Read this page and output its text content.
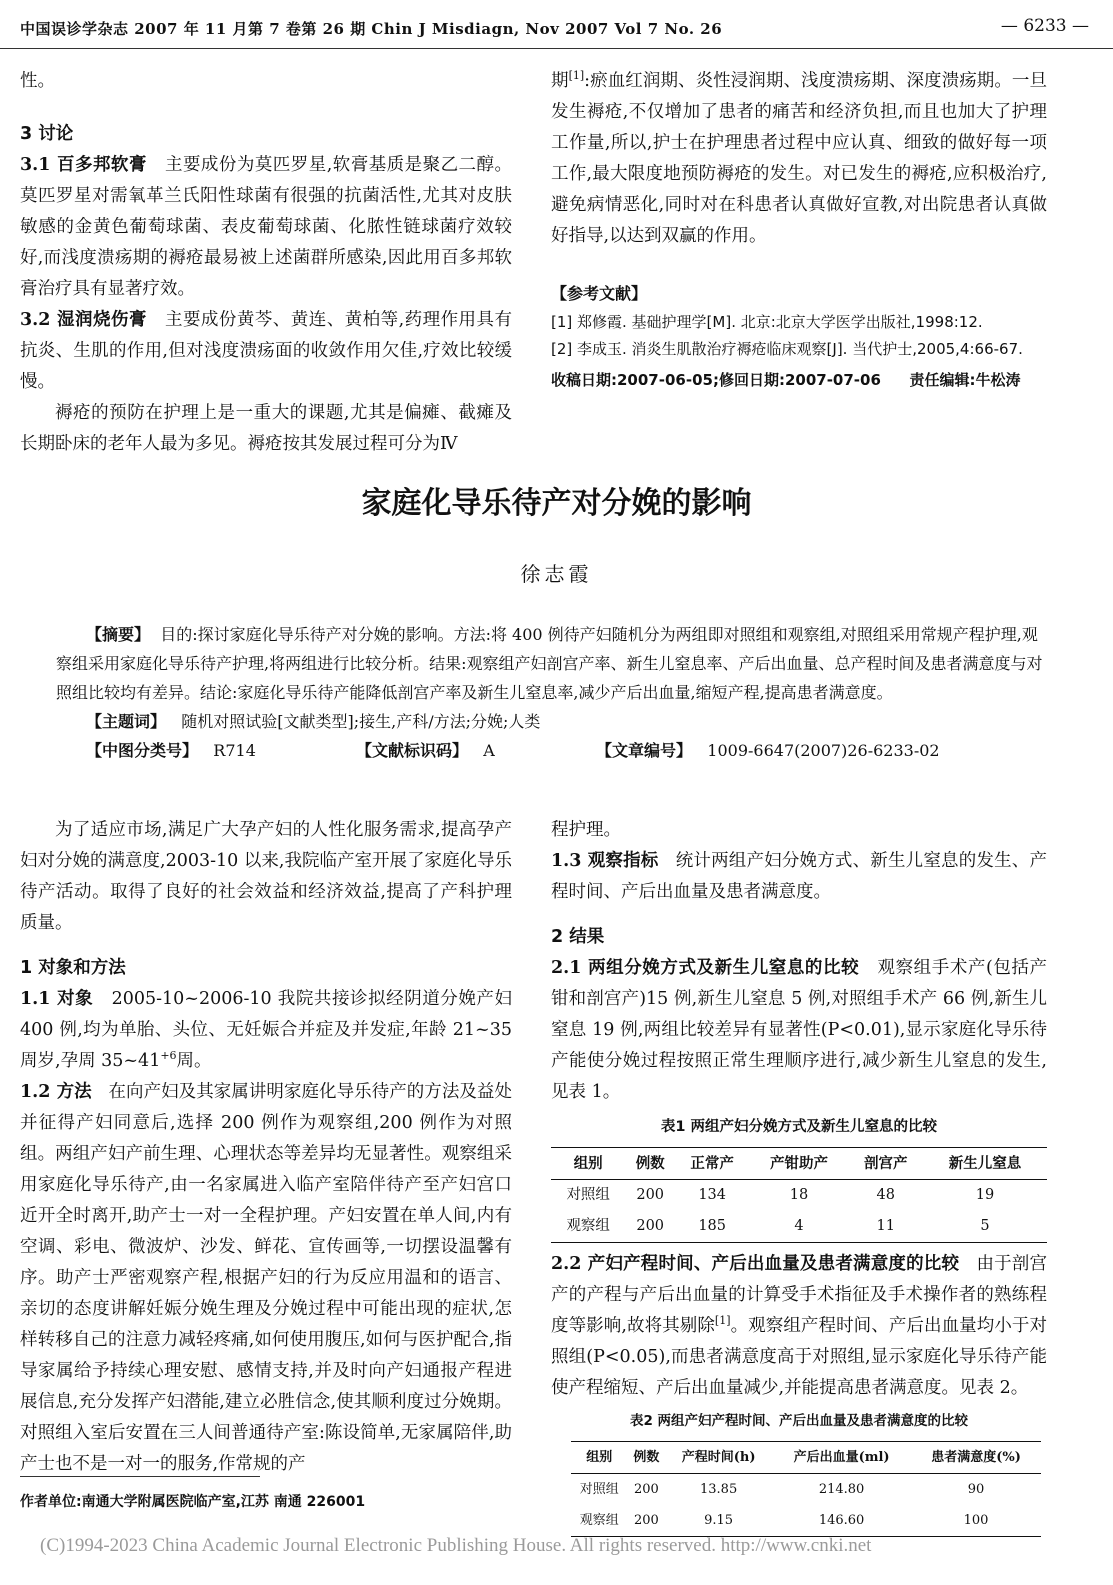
中国误诊学杂志 2007 年 11 月第 7 卷第 26 期 Chin J Misdiagn, Nov 2007 Vol 7 No. 26	— 6233 —

性。

3 讨论

3.1 百多邦软膏 主要成份为莫匹罗星,软膏基质是聚乙二醇。莫匹罗星对需氧革兰氏阳性球菌有很强的抗菌活性,尤其对皮肤敏感的金黄色葡萄球菌、表皮葡萄球菌、化脓性链球菌疗效较好,而浅度溃疡期的褥疮最易被上述菌群所感染,因此用百多邦软膏治疗具有显著疗效。

3.2 湿润烧伤膏 主要成份黄芩、黄连、黄柏等,药理作用具有抗炎、生肌的作用,但对浅度溃疡面的收敛作用欠佳,疗效比较缓慢。

褥疮的预防在护理上是一重大的课题,尤其是偏瘫、截瘫及长期卧床的老年人最为多见。褥疮按其发展过程可分为Ⅳ

期[1]:瘀血红润期、炎性浸润期、浅度溃疡期、深度溃疡期。一旦发生褥疮,不仅增加了患者的痛苦和经济负担,而且也加大了护理工作量,所以,护士在护理患者过程中应认真、细致的做好每一项工作,最大限度地预防褥疮的发生。对已发生的褥疮,应积极治疗,避免病情恶化,同时对在科患者认真做好宣教,对出院患者认真做好指导,以达到双赢的作用。

【参考文献】

[1] 郑修霞. 基础护理学[M]. 北京:北京大学医学出版社,1998:12.

[2] 李成玉. 消炎生肌散治疗褥疮临床观察[J]. 当代护士,2005,4:66-67.

收稿日期:2007-06-05;修回日期:2007-07-06 责任编辑:牛松涛

家庭化导乐待产对分娩的影响
徐志霞
【摘要】 目的:探讨家庭化导乐待产对分娩的影响。方法:将 400 例待产妇随机分为两组即对照组和观察组,对照组采用常规产程护理,观察组采用家庭化导乐待产护理,将两组进行比较分析。结果:观察组产妇剖宫产率、新生儿窒息率、产后出血量、总产程时间及患者满意度与对照组比较均有差异。结论:家庭化导乐待产能降低剖宫产率及新生儿窒息率,减少产后出血量,缩短产程,提高患者满意度。
【主题词】 随机对照试验[文献类型];接生,产科/方法;分娩;人类
【中图分类号】 R714	【文献标识码】 A	【文章编号】 1009-6647(2007)26-6233-02

为了适应市场,满足广大孕产妇的人性化服务需求,提高孕产妇对分娩的满意度,2003-10 以来,我院临产室开展了家庭化导乐待产活动。取得了良好的社会效益和经济效益,提高了产科护理质量。

1 对象和方法

1.1 对象 2005-10~2006-10 我院共接诊拟经阴道分娩产妇 400 例,均为单胎、头位、无妊娠合并症及并发症,年龄 21~35 周岁,孕周 $35\sim 41^{+6}$周。

1.2 方法 在向产妇及其家属讲明家庭化导乐待产的方法及益处并征得产妇同意后,选择 200 例作为观察组,200 例作为对照组。两组产妇产前生理、心理状态等差异均无显著性。观察组采用家庭化导乐待产,由一名家属进入临产室陪伴待产至产妇宫口近开全时离开,助产士一对一全程护理。产妇安置在单人间,内有空调、彩电、微波炉、沙发、鲜花、宣传画等,一切摆设温馨有序。助产士严密观察产程,根据产妇的行为反应用温和的语言、亲切的态度讲解妊娠分娩生理及分娩过程中可能出现的症状,怎样转移自己的注意力减轻疼痛,如何使用腹压,如何与医护配合,指导家属给予持续心理安慰、感情支持,并及时向产妇通报产程进展信息,充分发挥产妇潜能,建立必胜信念,使其顺利度过分娩期。对照组入室后安置在三人间普通待产室:陈设简单,无家属陪伴,助产士也不是一对一的服务,作常规的产

作者单位:南通大学附属医院临产室,江苏 南通 226001

程护理。

1.3 观察指标 统计两组产妇分娩方式、新生儿窒息的发生、产程时间、产后出血量及患者满意度。

2 结果

2.1 两组分娩方式及新生儿窒息的比较 观察组手术产(包括产钳和剖宫产)15 例,新生儿窒息 5 例,对照组手术产 66 例,新生儿窒息 19 例,两组比较差异有显著性(P<0.01),显示家庭化导乐待产能使分娩过程按照正常生理顺序进行,减少新生儿窒息的发生,见表 1。

表1 两组产妇分娩方式及新生儿窒息的比较
组别	例数	正常产	产钳助产	剖宫产	新生儿窒息
对照组	200	134	18	48	19
观察组	200	185	4	11	5

2.2 产妇产程时间、产后出血量及患者满意度的比较 由于剖宫产的产程与产后出血量的计算受手术指征及手术操作者的熟练程度等影响,故将其剔除[1]。观察组产程时间、产后出血量均小于对照组(P<0.05),而患者满意度高于对照组,显示家庭化导乐待产能使产程缩短、产后出血量减少,并能提高患者满意度。见表 2。

表2 两组产妇产程时间、产后出血量及患者满意度的比较
组别	例数	产程时间(h)	产后出血量(ml)	患者满意度(%)
对照组	200	13.85	214.80	90
观察组	200	9.15	146.60	100
(C)1994-2023 China Academic Journal Electronic Publishing House. All rights reserved. http://www.cnki.net
